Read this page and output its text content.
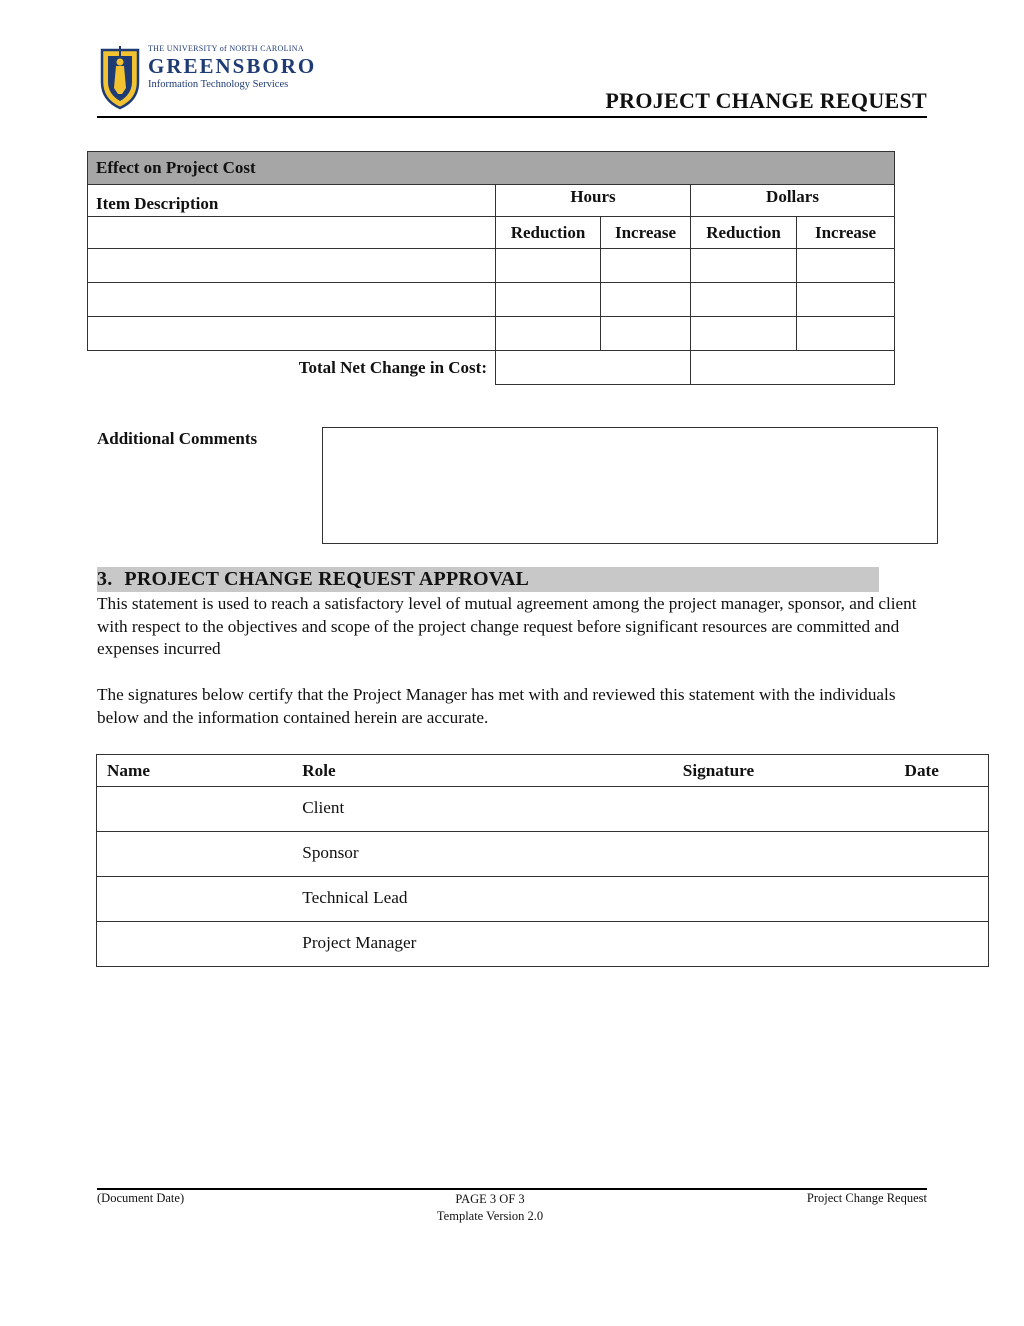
THE UNIVERSITY of NORTH CAROLINA
GREENSBORO
Information Technology Services
PROJECT CHANGE REQUEST
Effect on Project Cost				
Item Description	Hours		Dollars	
	Reduction	Increase	Reduction	Increase

Total Net Change in Cost:				
Additional Comments
3. PROJECT CHANGE REQUEST APPROVAL
This statement is used to reach a satisfactory level of mutual agreement among the project manager, sponsor, and client with respect to the objectives and scope of the project change request before significant resources are committed and expenses incurred
The signatures below certify that the Project Manager has met with and reviewed this statement with the individuals below and the information contained herein are accurate.
Name	Role	Signature	Date
	Client		
	Sponsor		
	Technical Lead		
	Project Manager		
(Document Date)	PAGE 3 OF 3
Template Version 2.0
Project Change Request
